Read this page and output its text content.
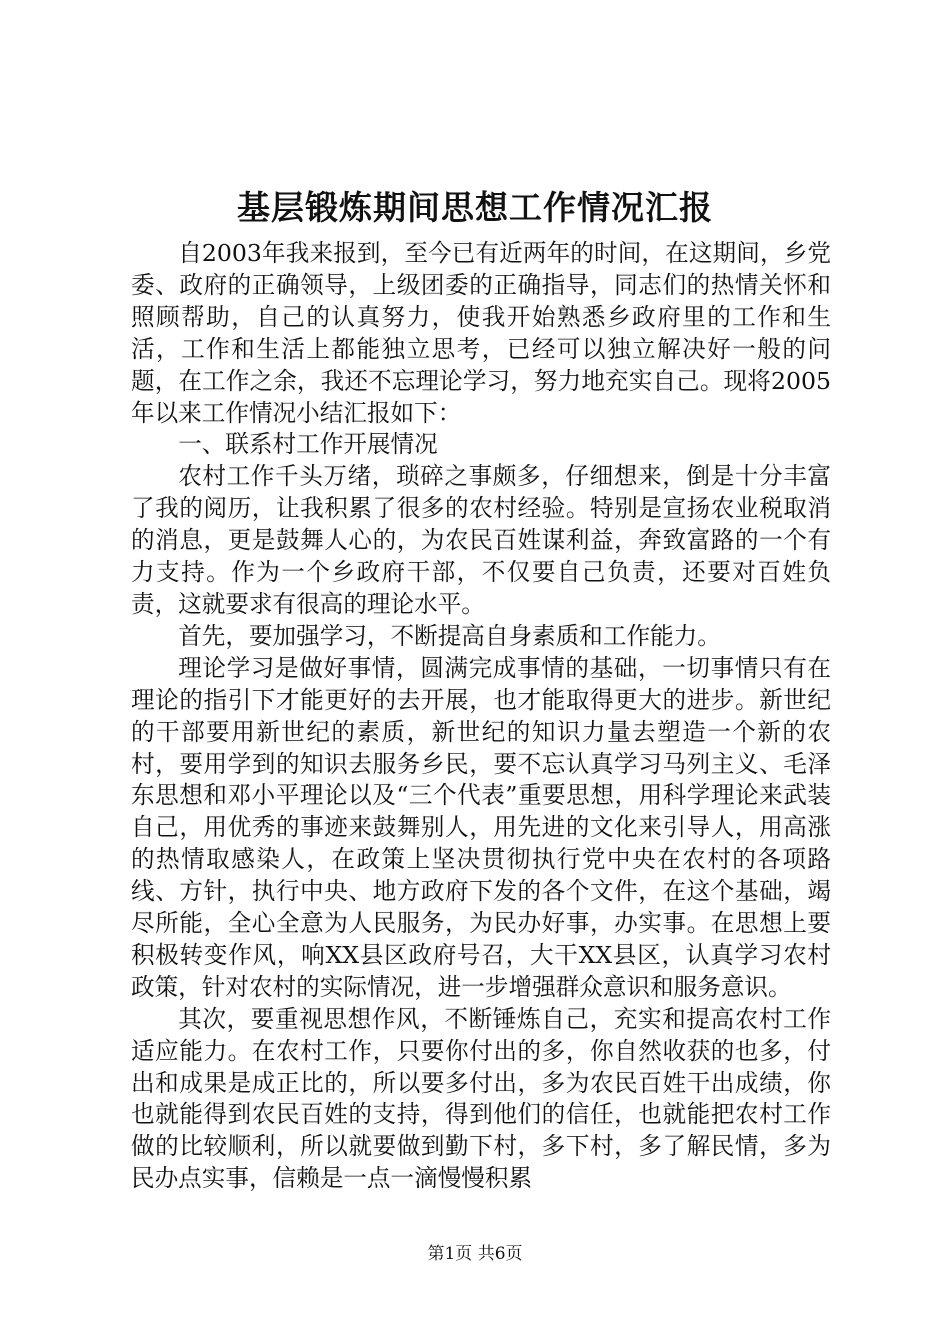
基层锻炼期间思想工作情况汇报

自2003年我来报到，至今已有近两年的时间，在这期间，乡党委、政府的正确领导，上级团委的正确指导，同志们的热情关怀和照顾帮助，自己的认真努力，使我开始熟悉乡政府里的工作和生活，工作和生活上都能独立思考，已经可以独立解决好一般的问题，在工作之余，我还不忘理论学习，努力地充实自己。现将2005年以来工作情况小结汇报如下：

一、联系村工作开展情况

农村工作千头万绪，琐碎之事颇多，仔细想来，倒是十分丰富了我的阅历，让我积累了很多的农村经验。特别是宣扬农业税取消的消息，更是鼓舞人心的，为农民百姓谋利益，奔致富路的一个有力支持。作为一个乡政府干部，不仅要自己负责，还要对百姓负责，这就要求有很高的理论水平。

首先，要加强学习，不断提高自身素质和工作能力。

理论学习是做好事情，圆满完成事情的基础，一切事情只有在理论的指引下才能更好的去开展，也才能取得更大的进步。新世纪的干部要用新世纪的素质，新世纪的知识力量去塑造一个新的农村，要用学到的知识去服务乡民，要不忘认真学习马列主义、毛泽东思想和邓小平理论以及“三个代表”重要思想，用科学理论来武装自己，用优秀的事迹来鼓舞别人，用先进的文化来引导人，用高涨的热情取感染人，在政策上坚决贯彻执行党中央在农村的各项路线、方针，执行中央、地方政府下发的各个文件，在这个基础，竭尽所能，全心全意为人民服务，为民办好事，办实事。在思想上要积极转变作风，响XX县区政府号召，大干XX县区，认真学习农村政策，针对农村的实际情况，进一步增强群众意识和服务意识。

其次，要重视思想作风，不断锤炼自己，充实和提高农村工作适应能力。在农村工作，只要你付出的多，你自然收获的也多，付出和成果是成正比的，所以要多付出，多为农民百姓干出成绩，你也就能得到农民百姓的支持，得到他们的信任，也就能把农村工作做的比较顺利，所以就要做到勤下村，多下村，多了解民情，多为民办点实事，信赖是一点一滴慢慢积累

第1页 共6页
